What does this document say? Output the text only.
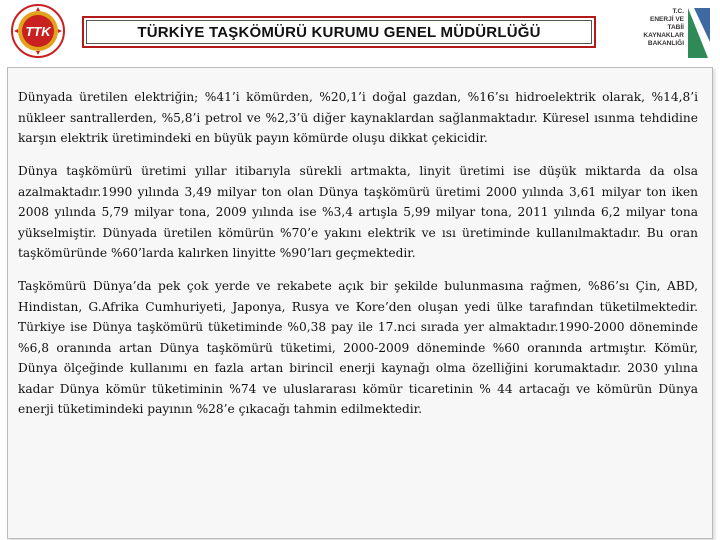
TTK	TÜRKİYE TAŞKÖMÜRÜ KURUMU GENEL MÜDÜRLÜĞÜ
T.C.
ENERJİ VE
TABİİ KAYNAKLAR
BAKANLIĞI

Dünyada üretilen elektriğin; %41’i kömürden, %20,1’i doğal gazdan, %16’sı hidroelektrik olarak, %14,8’i nükleer santrallerden, %5,8’i petrol ve %2,3’ü diğer kaynaklardan sağlanmaktadır. Küresel ısınma tehdidine karşın elektrik üretimindeki en büyük payın kömürde oluşu dikkat çekicidir.

Dünya taşkömürü üretimi yıllar itibarıyla sürekli artmakta, linyit üretimi ise düşük miktarda da olsa azalmaktadır.1990 yılında 3,49 milyar ton olan Dünya taşkömürü üretimi 2000 yılında 3,61 milyar ton iken 2008 yılında 5,79 milyar tona, 2009 yılında ise %3,4 artışla 5,99 milyar tona, 2011 yılında 6,2 milyar tona yükselmiştir. Dünyada üretilen kömürün %70’e yakını elektrik ve ısı üretiminde kullanılmaktadır. Bu oran taşkömüründe %60’larda kalırken linyitte %90’ları geçmektedir.

Taşkömürü Dünya’da pek çok yerde ve rekabete açık bir şekilde bulunmasına rağmen, %86’sı Çin, ABD, Hindistan, G.Afrika Cumhuriyeti, Japonya, Rusya ve Kore’den oluşan yedi ülke tarafından tüketilmektedir. Türkiye ise Dünya taşkömürü tüketiminde %0,38 pay ile 17.nci sırada yer almaktadır.1990-2000 döneminde %6,8 oranında artan Dünya taşkömürü tüketimi, 2000-2009 döneminde %60 oranında artmıştır. Kömür, Dünya ölçeğinde kullanımı en fazla artan birincil enerji kaynağı olma özelliğini korumaktadır. 2030 yılına kadar Dünya kömür tüketiminin %74 ve uluslararası kömür ticaretinin % 44 artacağı ve kömürün Dünya enerji tüketimindeki payının %28’e çıkacağı tahmin edilmektedir.
